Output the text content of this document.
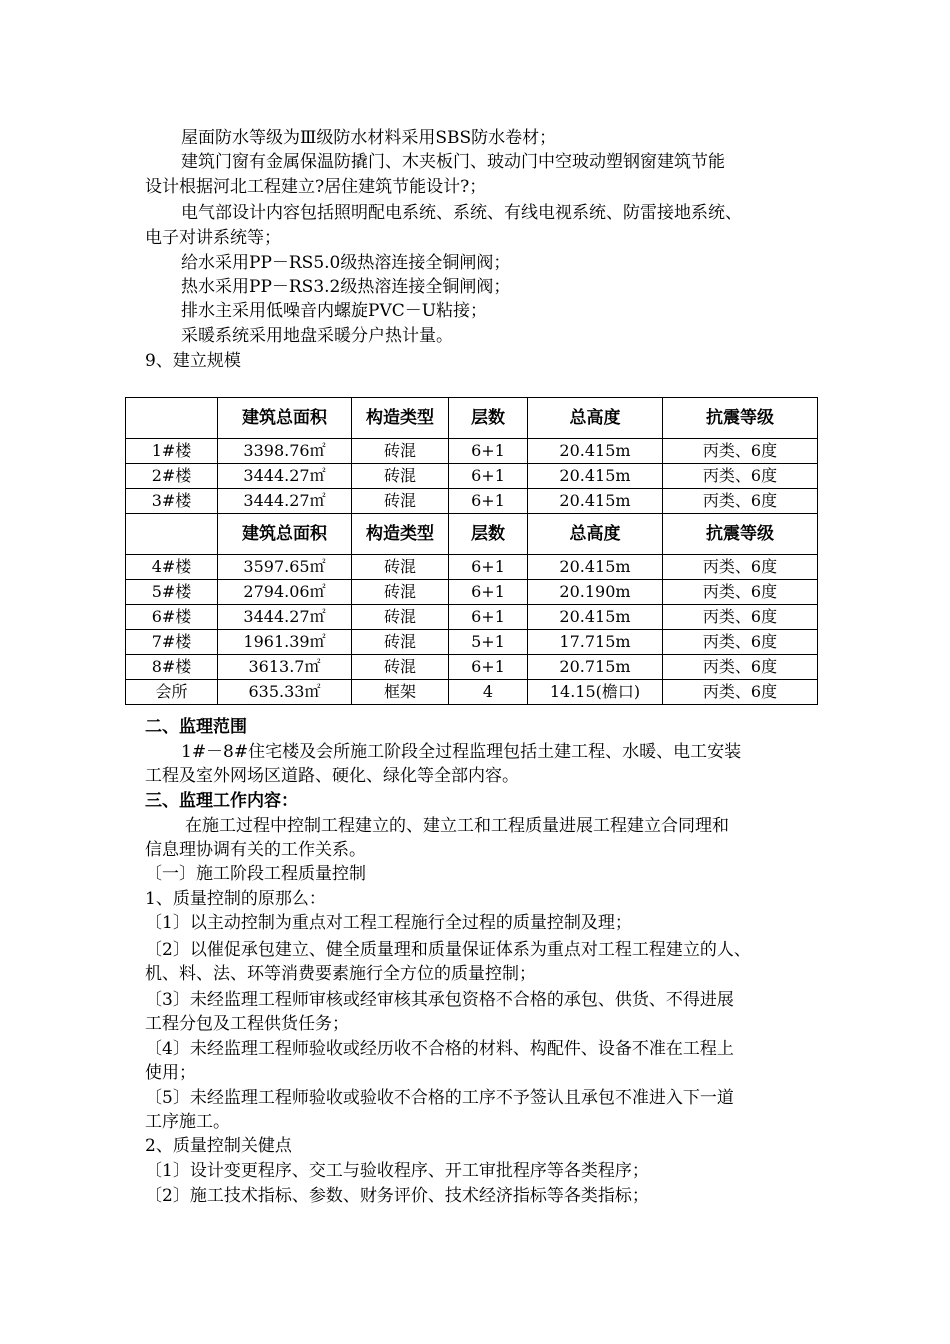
屋面防水等级为Ⅲ级防水材料采用SBS防水卷材；
建筑门窗有金属保温防撬门、木夹板门、玻动门中空玻动塑钢窗建筑节能
设计根据河北工程建立?居住建筑节能设计?；
电气部设计内容包括照明配电系统、系统、有线电视系统、防雷接地系统、
电子对讲系统等；
给水采用PP－RS5.0级热溶连接全铜闸阀；
热水采用PP－RS3.2级热溶连接全铜闸阀；
排水主采用低噪音内螺旋PVC－U粘接；
采暖系统采用地盘采暖分户热计量。
9、建立规模
	建筑总面积	构造类型	层数	总高度	抗震等级
1#楼	3398.76㎡	砖混	6+1	20.415m	丙类、6度
2#楼	3444.27㎡	砖混	6+1	20.415m	丙类、6度
3#楼	3444.27㎡	砖混	6+1	20.415m	丙类、6度
	建筑总面积	构造类型	层数	总高度	抗震等级
4#楼	3597.65㎡	砖混	6+1	20.415m	丙类、6度
5#楼	2794.06㎡	砖混	6+1	20.190m	丙类、6度
6#楼	3444.27㎡	砖混	6+1	20.415m	丙类、6度
7#楼	1961.39㎡	砖混	5+1	17.715m	丙类、6度
8#楼	3613.7㎡	砖混	6+1	20.715m	丙类、6度
会所	635.33㎡	框架	4	14.15(檐口)	丙类、6度
二、监理范围
1#－8#住宅楼及会所施工阶段全过程监理包括土建工程、水暖、电工安装
工程及室外网场区道路、硬化、绿化等全部内容。
三、监理工作内容：
在施工过程中控制工程建立的、建立工和工程质量进展工程建立合同理和
信息理协调有关的工作关系。
〔一〕施工阶段工程质量控制
1、质量控制的原那么：
〔1〕以主动控制为重点对工程工程施行全过程的质量控制及理；
〔2〕以催促承包建立、健全质量理和质量保证体系为重点对工程工程建立的人、
机、料、法、环等消费要素施行全方位的质量控制；
〔3〕未经监理工程师审核或经审核其承包资格不合格的承包、供货、不得进展
工程分包及工程供货任务；
〔4〕未经监理工程师验收或经历收不合格的材料、构配件、设备不准在工程上
使用；
〔5〕未经监理工程师验收或验收不合格的工序不予签认且承包不准进入下一道
工序施工。
2、质量控制关健点
〔1〕设计变更程序、交工与验收程序、开工审批程序等各类程序；
〔2〕施工技术指标、参数、财务评价、技术经济指标等各类指标；
